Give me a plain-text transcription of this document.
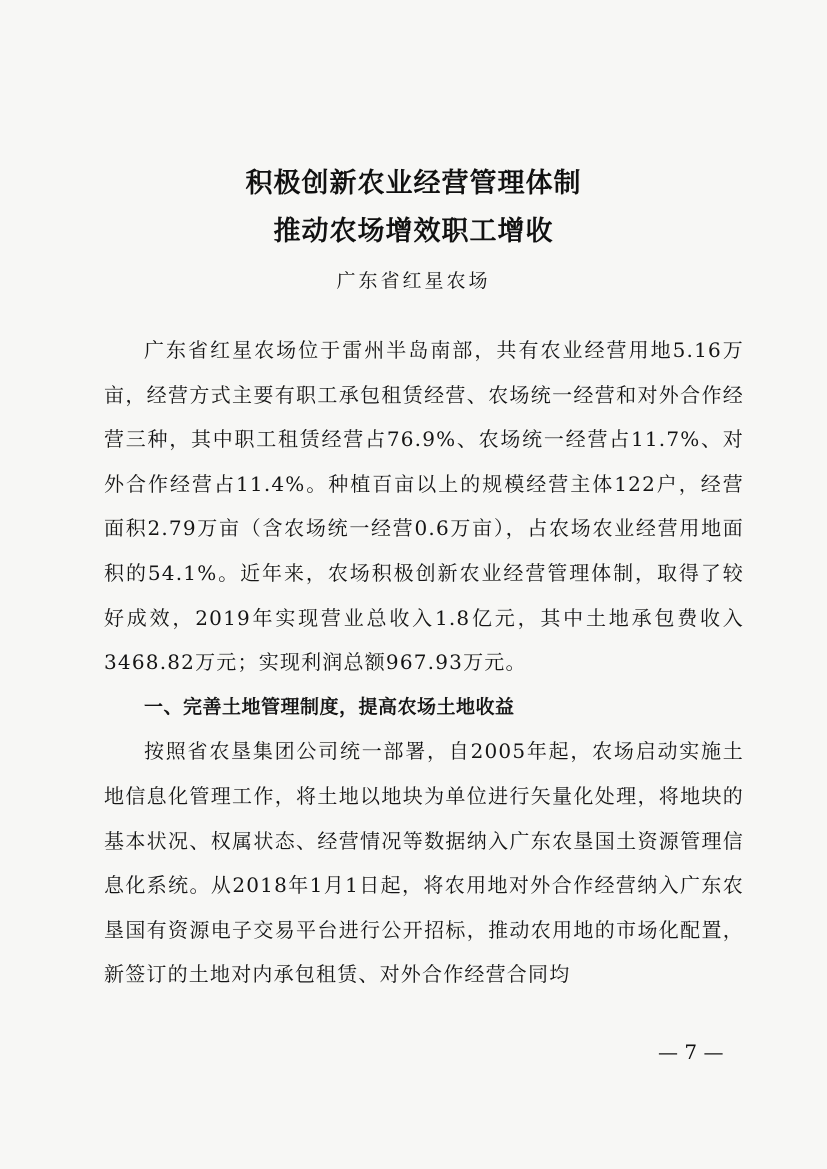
积极创新农业经营管理体制
推动农场增效职工增收
广东省红星农场

广东省红星农场位于雷州半岛南部，共有农业经营用地5.16万亩，经营方式主要有职工承包租赁经营、农场统一经营和对外合作经营三种，其中职工租赁经营占76.9%、农场统一经营占11.7%、对外合作经营占11.4%。种植百亩以上的规模经营主体122户，经营面积2.79万亩（含农场统一经营0.6万亩），占农场农业经营用地面积的54.1%。近年来，农场积极创新农业经营管理体制，取得了较好成效，2019年实现营业总收入1.8亿元，其中土地承包费收入3468.82万元；实现利润总额967.93万元。

一、完善土地管理制度，提高农场土地收益

按照省农垦集团公司统一部署，自2005年起，农场启动实施土地信息化管理工作，将土地以地块为单位进行矢量化处理，将地块的基本状况、权属状态、经营情况等数据纳入广东农垦国土资源管理信息化系统。从2018年1月1日起，将农用地对外合作经营纳入广东农垦国有资源电子交易平台进行公开招标，推动农用地的市场化配置，新签订的土地对内承包租赁、对外合作经营合同均

— 7 —
